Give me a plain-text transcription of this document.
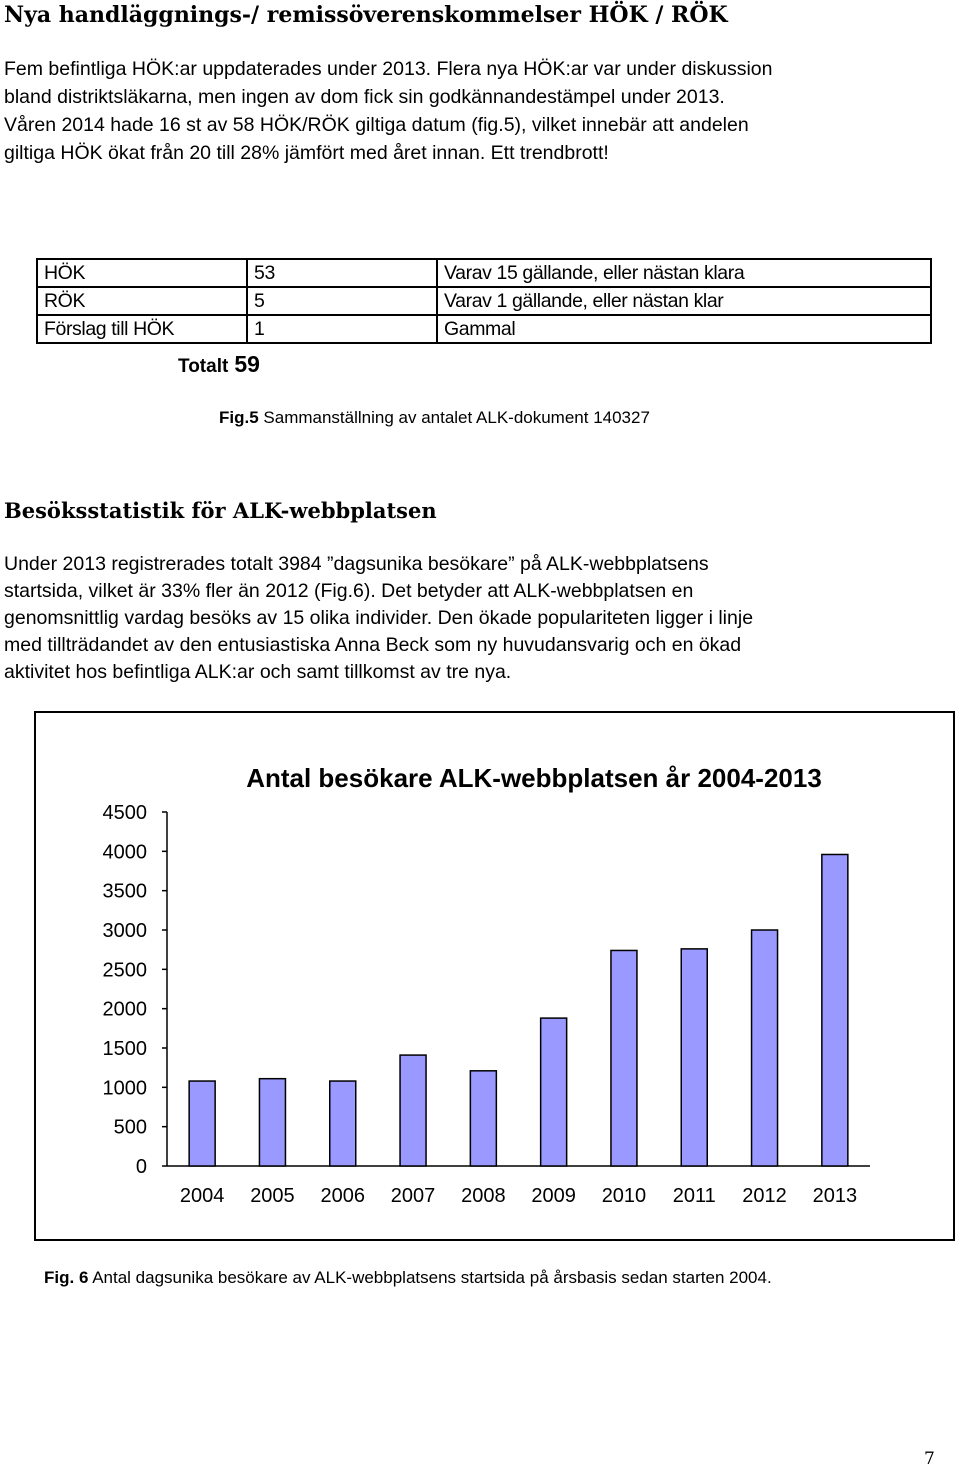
Nya handläggnings-/ remissöverenskommelser HÖK / RÖK
Fem befintliga HÖK:ar uppdaterades under 2013. Flera nya HÖK:ar var under diskussion
bland distriktsläkarna, men ingen av dom fick sin godkännandestämpel under 2013.
Våren 2014 hade 16 st av 58 HÖK/RÖK giltiga datum (fig.5), vilket innebär att andelen
giltiga HÖK ökat från 20 till 28% jämfört med året innan. Ett trendbrott!
HÖK	53	Varav 15 gällande, eller nästan klara
RÖK	5	Varav 1 gällande, eller nästan klar
Förslag till HÖK	1	Gammal
Totalt 59
Fig.5 Sammanställning av antalet ALK-dokument 140327
Besöksstatistik för ALK-webbplatsen
Under 2013 registrerades totalt 3984 ”dagsunika besökare” på ALK-webbplatsens
startsida, vilket är 33% fler än 2012 (Fig.6). Det betyder att ALK-webbplatsen en
genomsnittlig vardag besöks av 15 olika individer. Den ökade populariteten ligger i linje
med tillträdandet av den entusiastiska Anna Beck som ny huvudansvarig och en ökad
aktivitet hos befintliga ALK:ar och samt tillkomst av tre nya.
Antal besökare ALK-webbplatsen år 2004-2013
0
500
1000
1500
2000
2500
3000
3500
4000
4500
2004 2005 2006 2007 2008 2009 2010 2011 2012 2013
Fig. 6 Antal dagsunika besökare av ALK-webbplatsens startsida på årsbasis sedan starten 2004.
7
